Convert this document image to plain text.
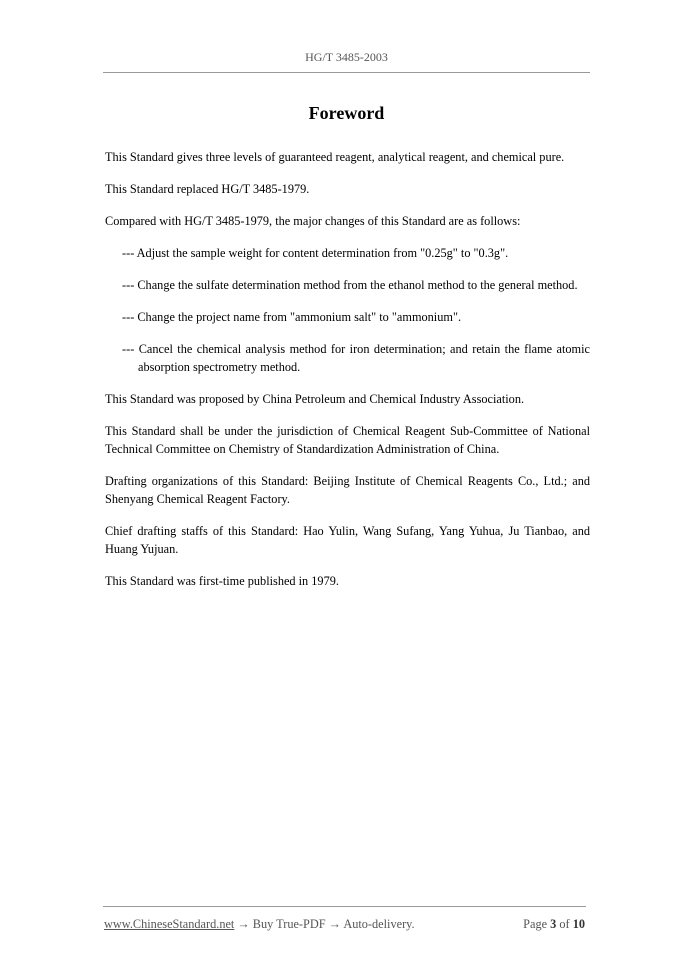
HG/T 3485-2003
Foreword

This Standard gives three levels of guaranteed reagent, analytical reagent, and chemical pure.

This Standard replaced HG/T 3485-1979.

Compared with HG/T 3485-1979, the major changes of this Standard are as follows:

--- Adjust the sample weight for content determination from "0.25g" to "0.3g".

--- Change the sulfate determination method from the ethanol method to the general method.

--- Change the project name from "ammonium salt" to "ammonium".

--- Cancel the chemical analysis method for iron determination; and retain the flame atomic absorption spectrometry method.

This Standard was proposed by China Petroleum and Chemical Industry Association.

This Standard shall be under the jurisdiction of Chemical Reagent Sub-Committee of National Technical Committee on Chemistry of Standardization Administration of China.

Drafting organizations of this Standard: Beijing Institute of Chemical Reagents Co., Ltd.; and Shenyang Chemical Reagent Factory.

Chief drafting staffs of this Standard: Hao Yulin, Wang Sufang, Yang Yuhua, Ju Tianbao, and Huang Yujuan.

This Standard was first-time published in 1979.

www.ChineseStandard.net → Buy True-PDF → Auto-delivery.	Page 3 of 10
